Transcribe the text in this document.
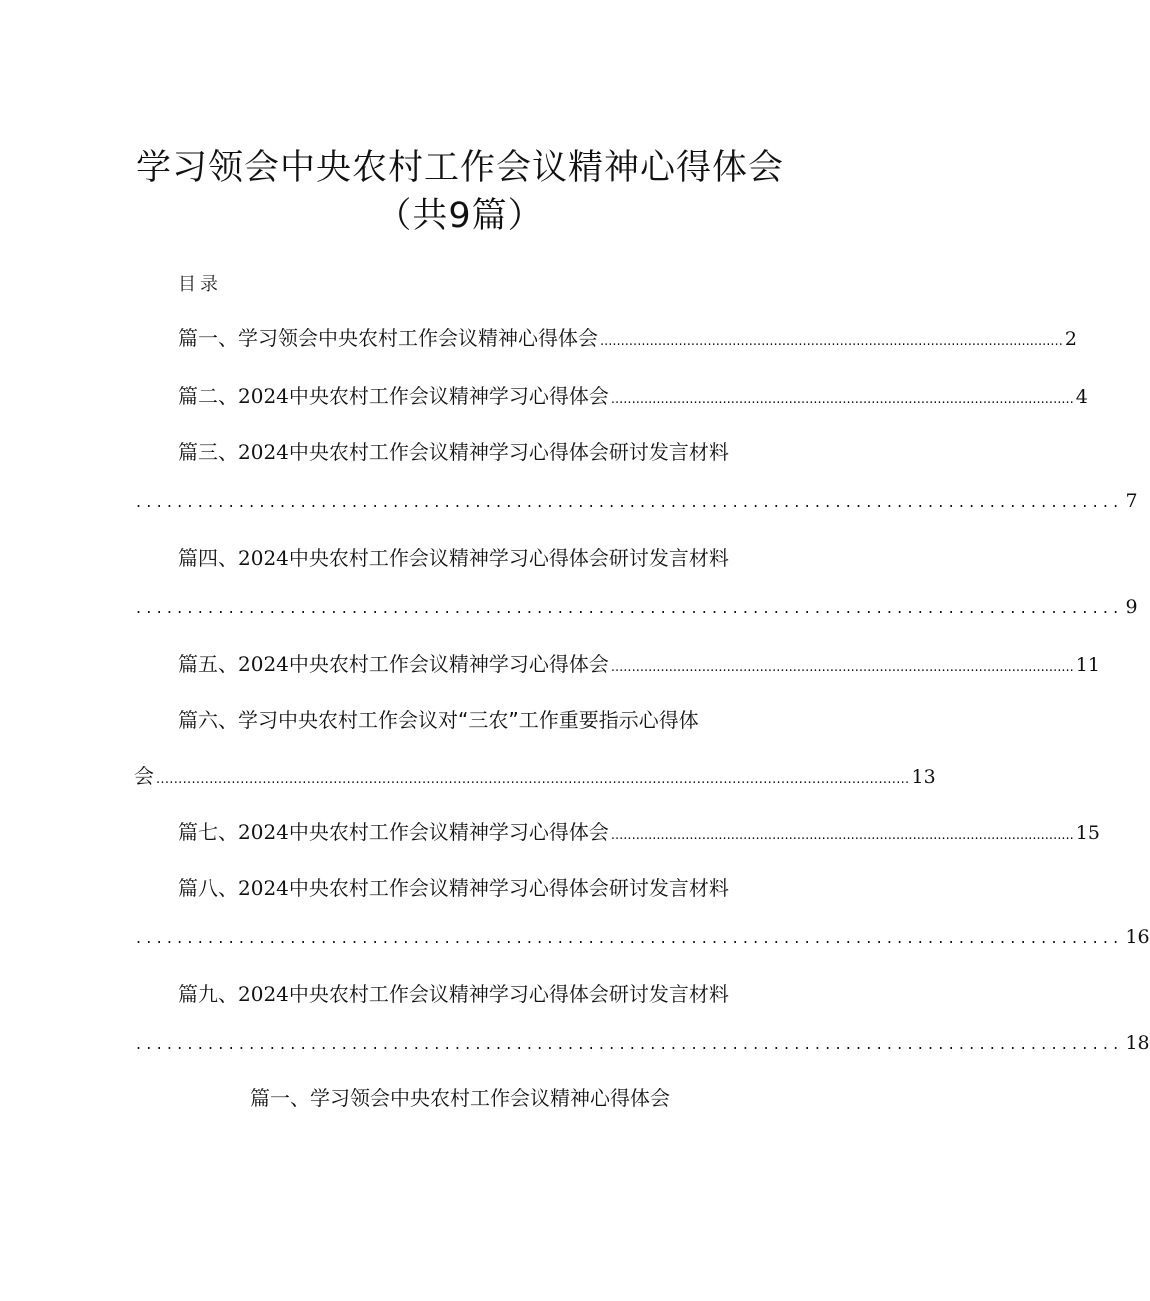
学习领会中央农村工作会议精神心得体会
（共9篇）
目录
篇一、学习领会中央农村工作会议精神心得体会 ................................................................................................................ 2
篇二、 2024 中央农村工作会议精神学习心得体会 ................................................................................................................ 4
篇三、2024中央农村工作会议精神学习心得体会研讨发言材料
................................................................................................ 7
篇四、2024中央农村工作会议精神学习心得体会研讨发言材料
................................................................................................ 9
篇五、 2024 中央农村工作会议精神学习心得体会 ................................................................................................................ 11
篇六、学习中央农村工作会议对“三农”工作重要指示心得体
会 .......................................................................................................................................................................... 13
篇七、 2024 中央农村工作会议精神学习心得体会 ................................................................................................................ 15
篇八、2024中央农村工作会议精神学习心得体会研讨发言材料
................................................................................................ 16
篇九、2024中央农村工作会议精神学习心得体会研讨发言材料
................................................................................................ 18
篇一、学习领会中央农村工作会议精神心得体会
